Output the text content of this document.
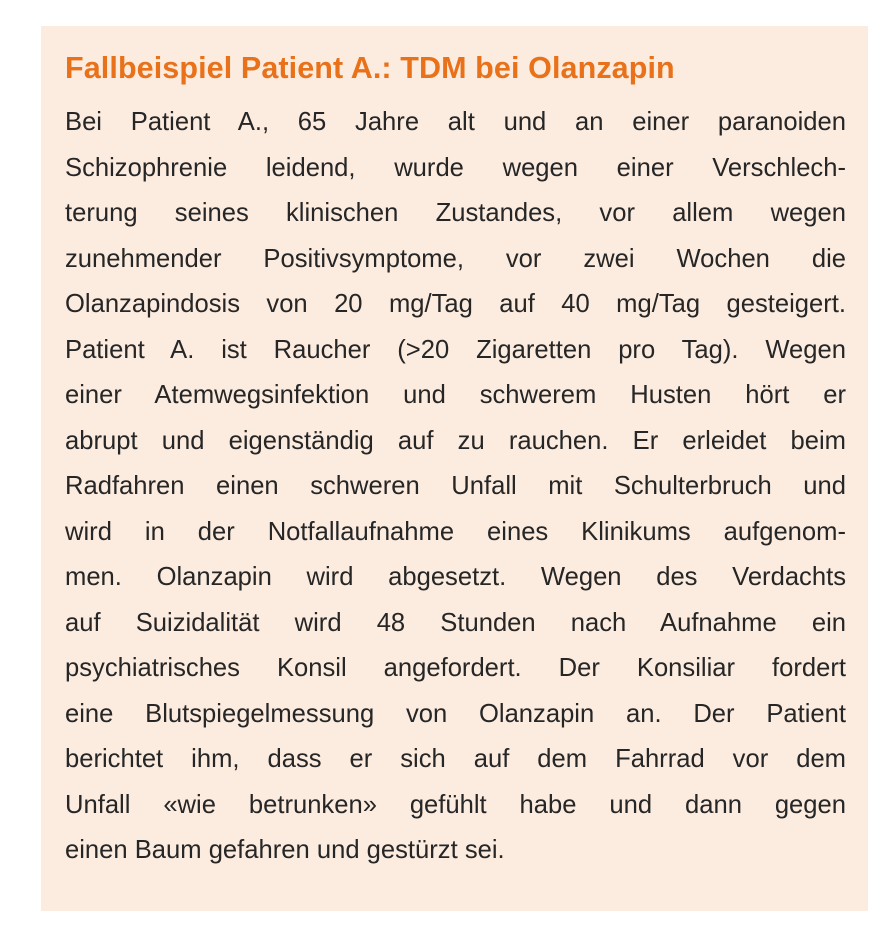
Fallbeispiel Patient A.: TDM bei Olanzapin
Bei Patient A., 65 Jahre alt und an einer paranoiden
Schizophrenie leidend, wurde wegen einer Verschlech-
terung seines klinischen Zustandes, vor allem wegen
zunehmender Positivsymptome, vor zwei Wochen die
Olanzapindosis von 20 mg/Tag auf 40 mg/Tag gesteigert.
Patient A. ist Raucher (>20 Zigaretten pro Tag). Wegen
einer Atemwegsinfektion und schwerem Husten hört er
abrupt und eigenständig auf zu rauchen. Er erleidet beim
Radfahren einen schweren Unfall mit Schulterbruch und
wird in der Notfallaufnahme eines Klinikums aufgenom-
men. Olanzapin wird abgesetzt. Wegen des Verdachts
auf Suizidalität wird 48 Stunden nach Aufnahme ein
psychiatrisches Konsil angefordert. Der Konsiliar fordert
eine Blutspiegelmessung von Olanzapin an. Der Patient
berichtet ihm, dass er sich auf dem Fahrrad vor dem
Unfall «wie betrunken» gefühlt habe und dann gegen
einen Baum gefahren und gestürzt sei.
